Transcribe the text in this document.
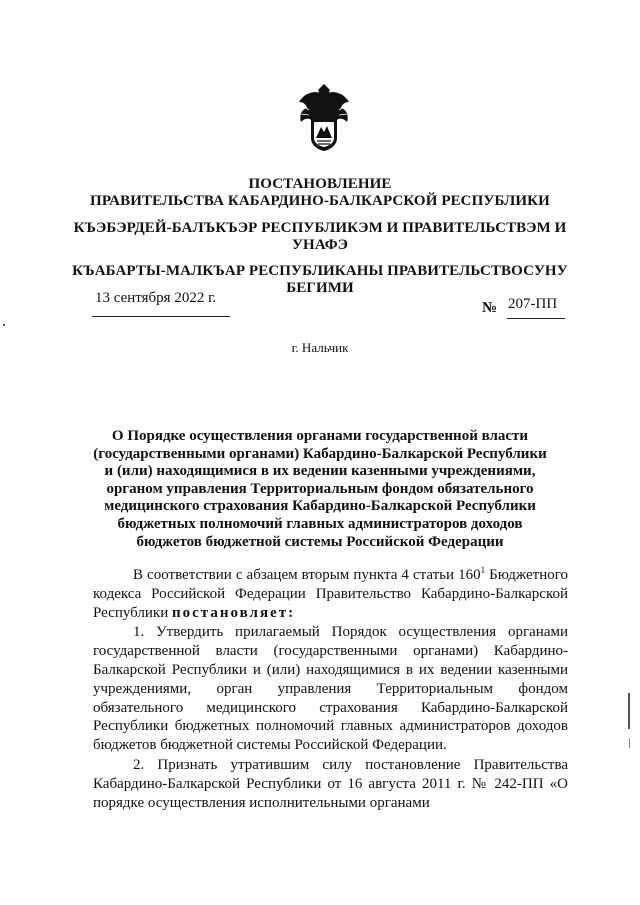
ПОСТАНОВЛЕНИЕ
ПРАВИТЕЛЬСТВА КАБАРДИНО-БАЛКАРСКОЙ РЕСПУБЛИКИ
КЪЭБЭРДЕЙ-БАЛЪКЪЭР РЕСПУБЛИКЭМ И ПРАВИТЕЛЬСТВЭМ И
УНАФЭ
КЪАБАРТЫ-МАЛКЪАР РЕСПУБЛИКАНЫ ПРАВИТЕЛЬСТВОСУНУ
БЕГИМИ
13 сентября 2022 г.
№ 207-ПП
г. Нальчик
О Порядке осуществления органами государственной власти
(государственными органами) Кабардино-Балкарской Республики
и (или) находящимися в их ведении казенными учреждениями,
органом управления Территориальным фондом обязательного
медицинского страхования Кабардино-Балкарской Республики
бюджетных полномочий главных администраторов доходов
бюджетов бюджетной системы Российской Федерации

В соответствии с абзацем вторым пункта 4 статьи $160^1$ Бюджетного кодекса Российской Федерации Правительство Кабардино-Балкарской Республики постановляет:

1. Утвердить прилагаемый Порядок осуществления органами государственной власти (государственными органами) Кабардино-Балкарской Республики и (или) находящимися в их ведении казенными учреждениями, орган управления Территориальным фондом обязательного медицинского страхования Кабардино-Балкарской Республики бюджетных полномочий главных администраторов доходов бюджетов бюджетной системы Российской Федерации.

2. Признать утратившим силу постановление Правительства Кабардино-Балкарской Республики от 16 августа 2011 г. № 242-ПП «О порядке осуществления исполнительными органами
